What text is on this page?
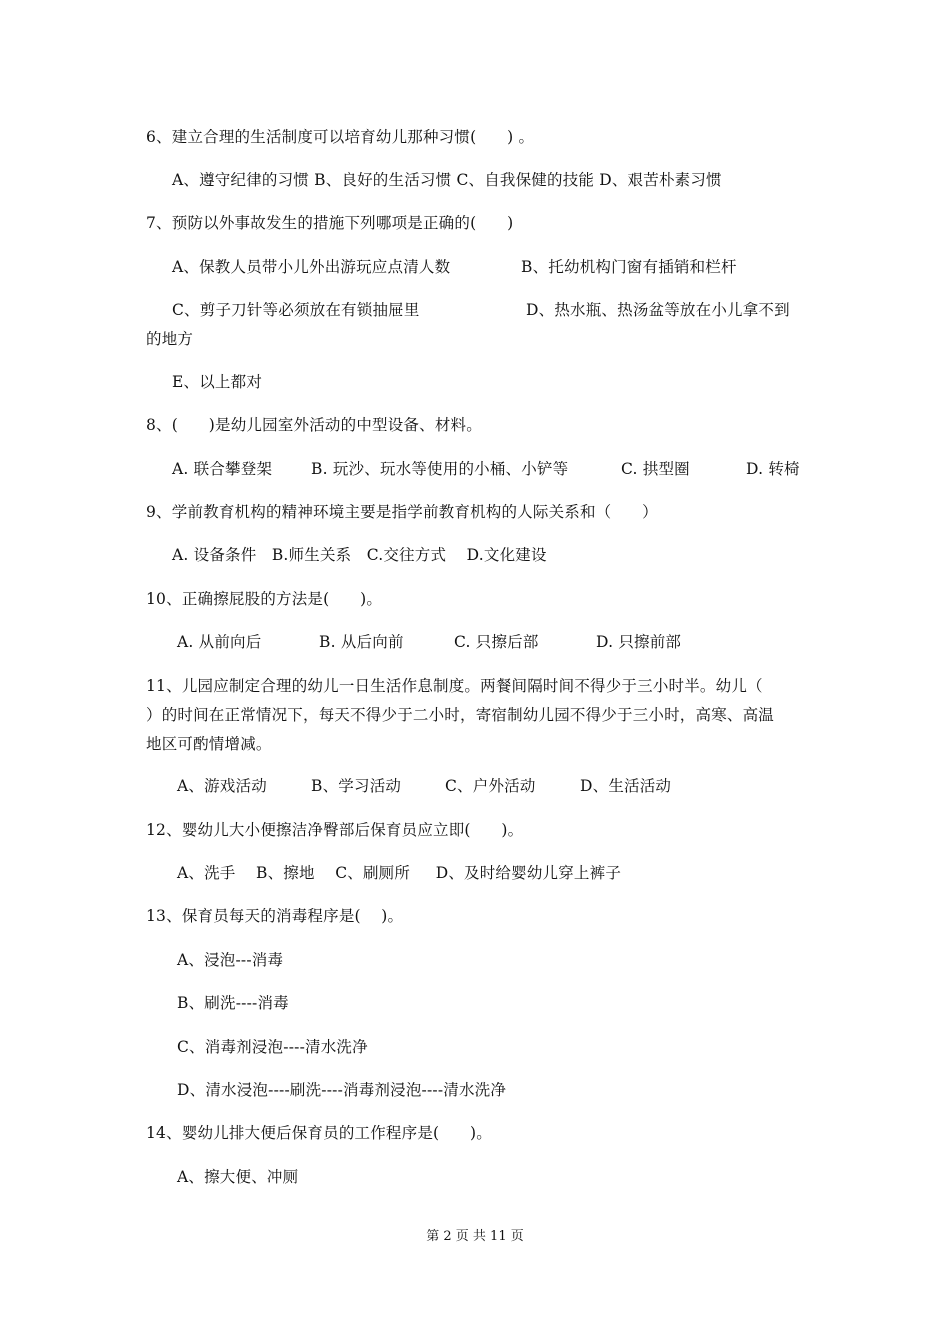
6、建立合理的生活制度可以培育幼儿那种习惯(      ) 。
A、遵守纪律的习惯 B、良好的生活习惯 C、自我保健的技能 D、艰苦朴素习惯
7、预防以外事故发生的措施下列哪项是正确的(      )
A、保教人员带小儿外出游玩应点清人数	B、托幼机构门窗有插销和栏杆
C、剪子刀针等必须放在有锁抽屉里	D、热水瓶、热汤盆等放在小儿拿不到
的地方
E、以上都对
8、(      )是幼儿园室外活动的中型设备、材料。
A. 联合攀登架	B. 玩沙、玩水等使用的小桶、小铲等	C. 拱型圈	D. 转椅
9、学前教育机构的精神环境主要是指学前教育机构的人际关系和（      ）
A. 设备条件   B.师生关系   C.交往方式    D.文化建设
10、正确擦屁股的方法是(      )。
A. 从前向后	B. 从后向前	C. 只擦后部	D. 只擦前部
11、儿园应制定合理的幼儿一日生活作息制度。两餐间隔时间不得少于三小时半。幼儿（
）的时间在正常情况下，每天不得少于二小时，寄宿制幼儿园不得少于三小时，高寒、高温
地区可酌情增减。
A、游戏活动	B、学习活动	C、户外活动	D、生活活动
12、婴幼儿大小便擦洁净臀部后保育员应立即(      )。
A、洗手    B、擦地    C、刷厕所     D、及时给婴幼儿穿上裤子
13、保育员每天的消毒程序是(    )。
A、浸泡---消毒
B、刷洗----消毒
C、消毒剂浸泡----清水洗净
D、清水浸泡----刷洗----消毒剂浸泡----清水洗净
14、婴幼儿排大便后保育员的工作程序是(      )。
A、擦大便、冲厕
第 2 页 共 11 页
